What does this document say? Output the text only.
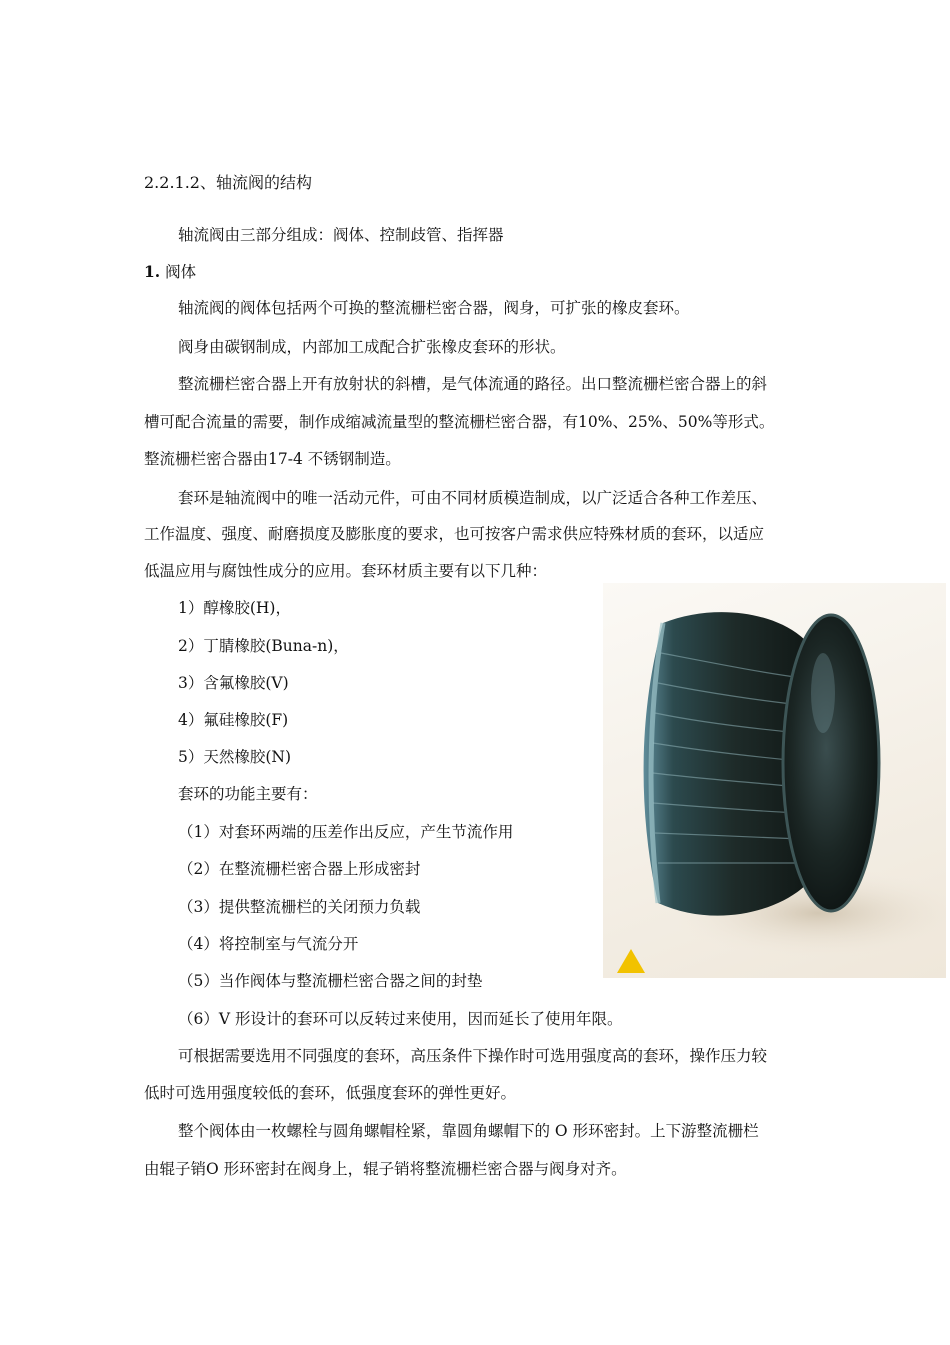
2.2.1.2、轴流阀的结构
轴流阀由三部分组成：阀体、控制歧管、指挥器
1. 阀体
轴流阀的阀体包括两个可换的整流栅栏密合器，阀身，可扩张的橡皮套环。
阀身由碳钢制成，内部加工成配合扩张橡皮套环的形状。
整流栅栏密合器上开有放射状的斜槽，是气体流通的路径。出口整流栅栏密合器上的斜
槽可配合流量的需要，制作成缩减流量型的整流栅栏密合器，有10%、25%、50%等形式。
整流栅栏密合器由17-4 不锈钢制造。
套环是轴流阀中的唯一活动元件，可由不同材质模造制成，以广泛适合各种工作差压、
工作温度、强度、耐磨损度及膨胀度的要求，也可按客户需求供应特殊材质的套环，以适应
低温应用与腐蚀性成分的应用。套环材质主要有以下几种：
1）醇橡胶(H)，
2）丁腈橡胶(Buna-n)，
3）含氟橡胶(V)
4）氟硅橡胶(F)
5）天然橡胶(N)
套环的功能主要有：
（1）对套环两端的压差作出反应，产生节流作用
（2）在整流栅栏密合器上形成密封
（3）提供整流栅栏的关闭预力负载
（4）将控制室与气流分开
（5）当作阀体与整流栅栏密合器之间的封垫
（6）V 形设计的套环可以反转过来使用，因而延长了使用年限。
可根据需要选用不同强度的套环，高压条件下操作时可选用强度高的套环，操作压力较
低时可选用强度较低的套环，低强度套环的弹性更好。
整个阀体由一枚螺栓与圆角螺帽栓紧，靠圆角螺帽下的 O 形环密封。上下游整流栅栏
由辊子销O 形环密封在阀身上，辊子销将整流栅栏密合器与阀身对齐。
